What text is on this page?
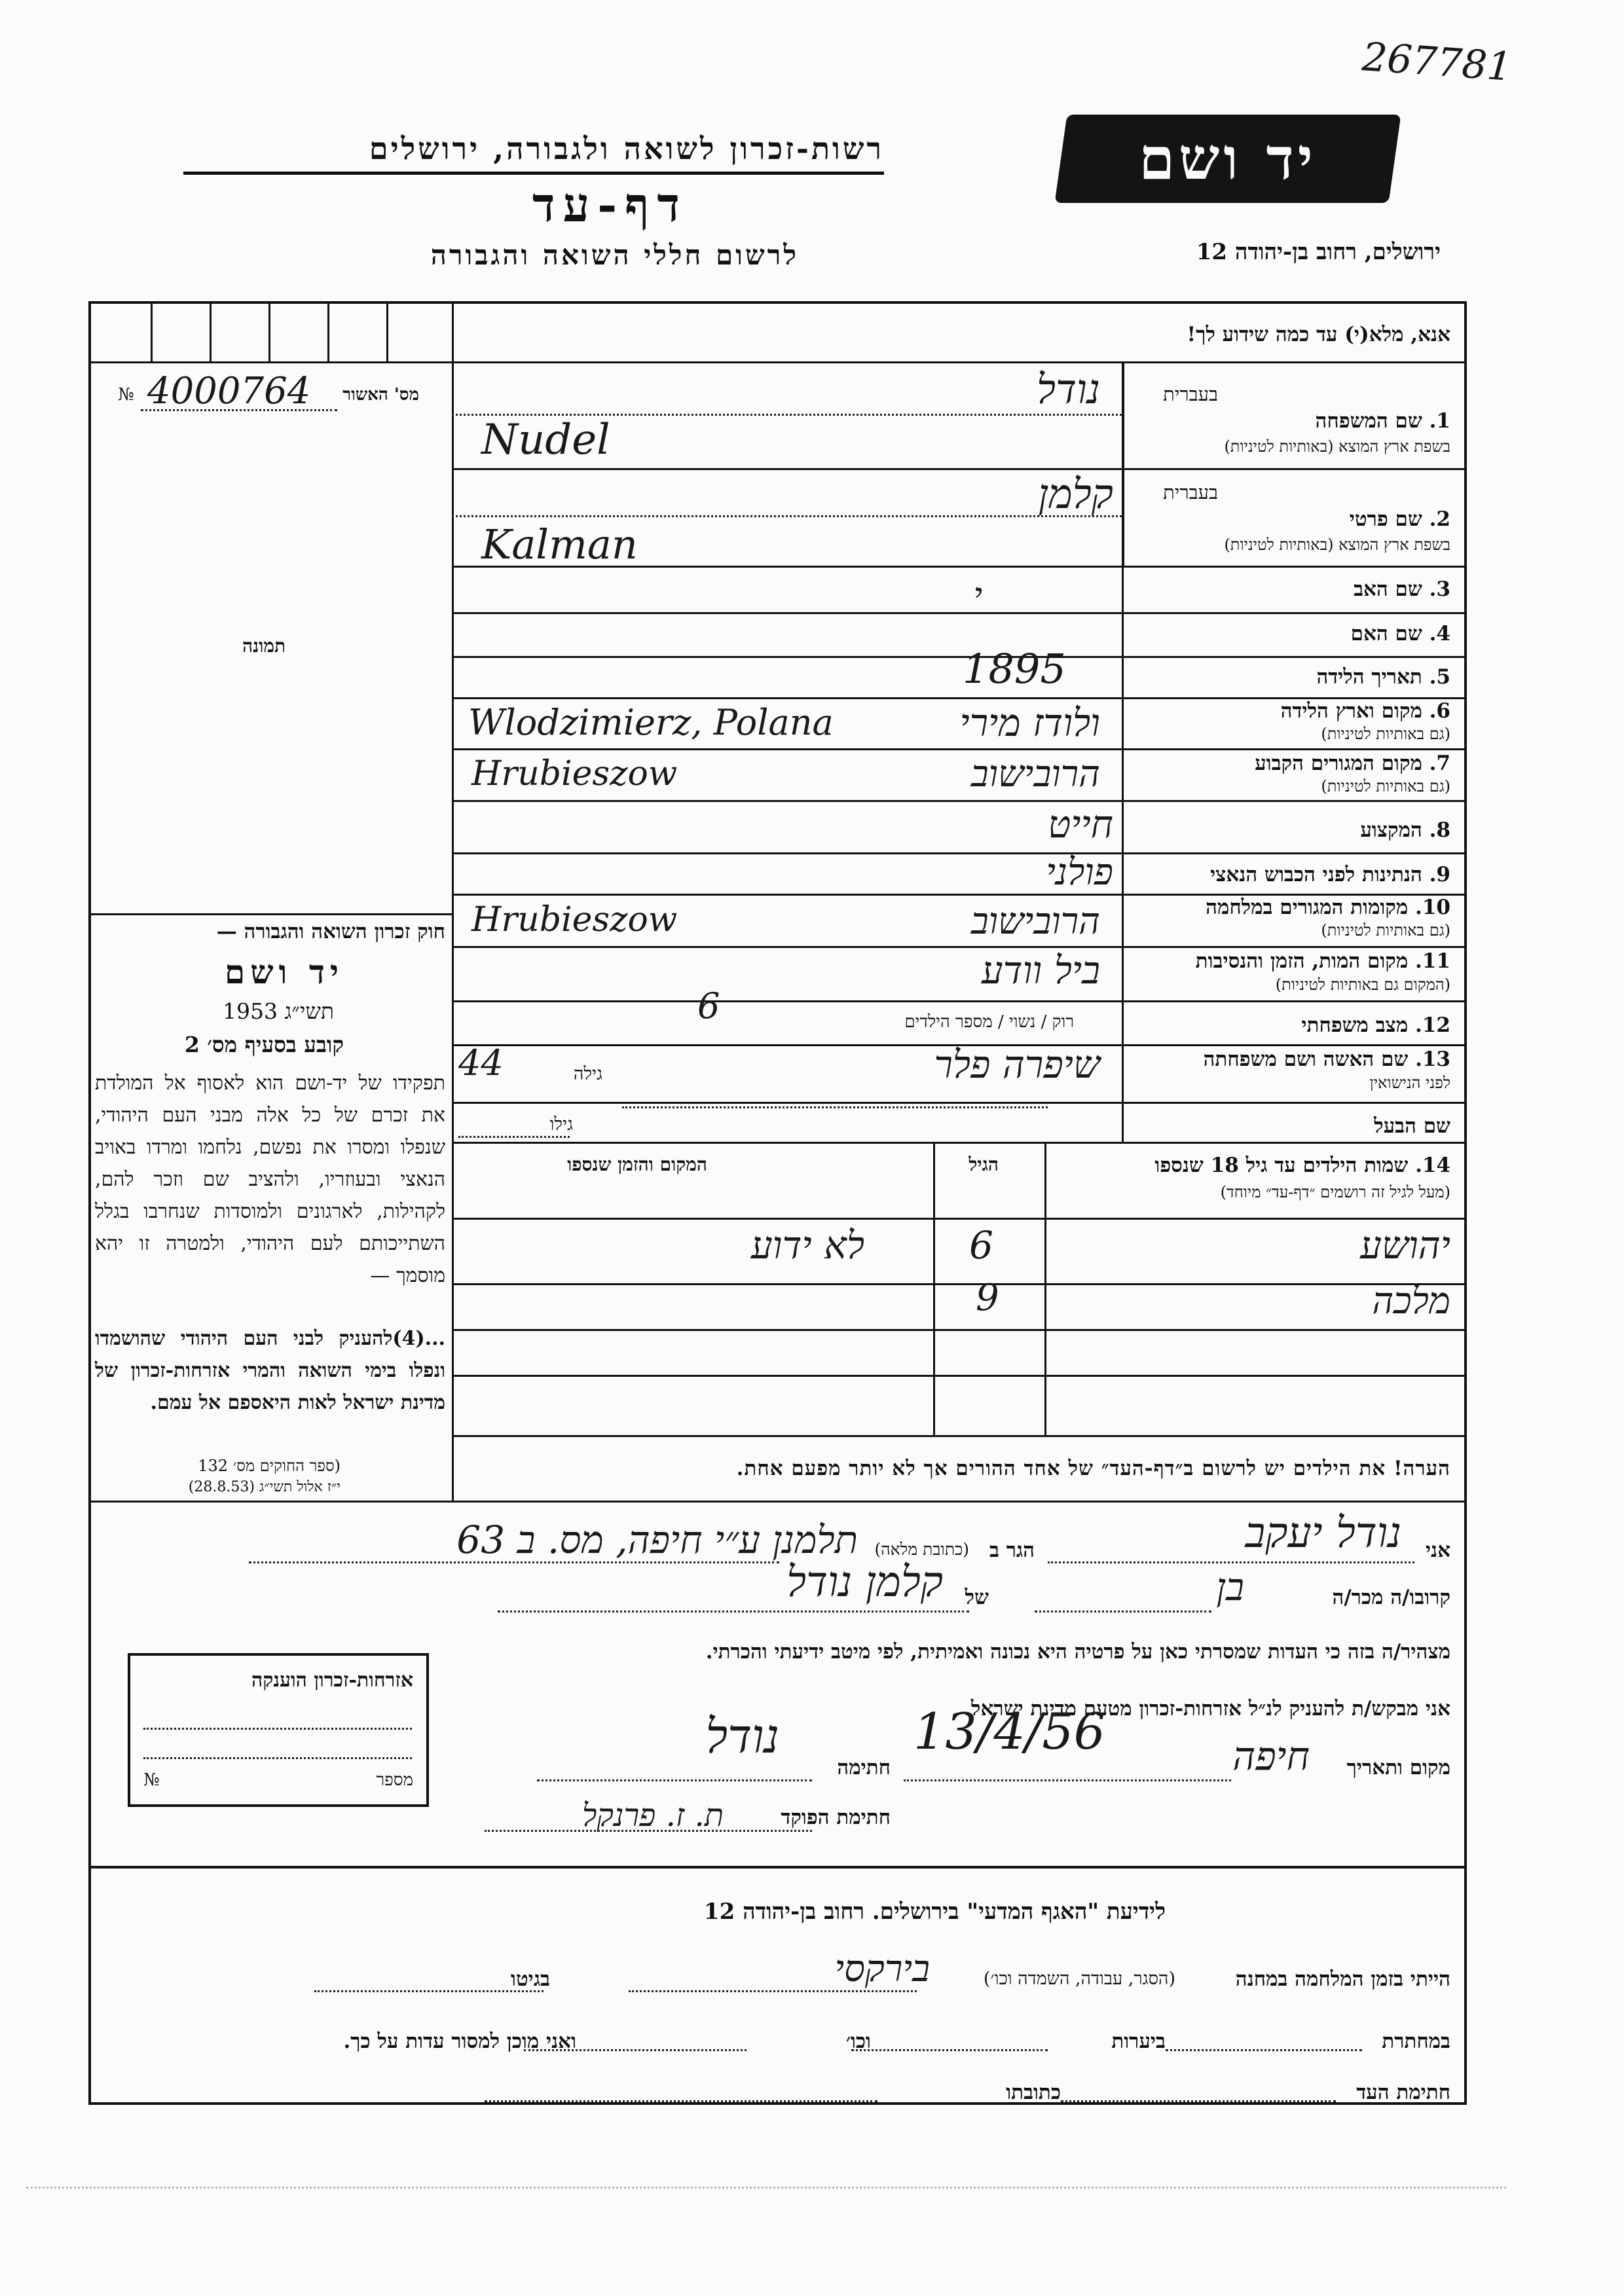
267781
רשות-זכרון לשואה ולגבורה, ירושלים
דף-עד
לרשום חללי השואה והגבורה
יד ושם
ירושלים, רחוב בן-יהודה 12
מס' האשור
№ 4000764
תמונה
חוק זכרון השואה והגבורה —
יד ושם
תשי״ג 1953
קובע בסעיף מס׳ 2
תפקידו של יד-ושם הוא לאסוף אל המולדת את זכרם של כל אלה מבני העם היהודי, שנפלו ומסרו את נפשם, נלחמו ומרדו באויב הנאצי ובעוזריו, ולהציב שם וזכר להם, לקהילות, לארגונים ולמוסדות שנחרבו בגלל השתייכותם לעם היהודי, ולמטרה זו יהא מוסמך —
...(4)להעניק לבני העם היהודי שהושמדו ונפלו בימי השואה והמרי אזרחות-זכרון של מדינת ישראל לאות היאספם אל עמם.
(ספר החוקים מס׳ 132
י״ז אלול תשי״ג (28.8.53)
אנא, מלא(י) עד כמה שידוע לך!
בעברית
1. שם המשפחה
בשפת ארץ המוצא (באותיות לטיניות)
נודל
Nudel
בעברית
2. שם פרטי
בשפת ארץ המוצא (באותיות לטיניות)
קלמן
Kalman
3. שם האב
י
4. שם האם
5. תאריך הלידה
1895
6. מקום וארץ הלידה
(גם באותיות לטיניות)
ולודז מירי
Wlodzimierz, Polana
7. מקום המגורים הקבוע
(גם באותיות לטיניות)
הרובישוב
Hrubieszow
8. המקצוע
חייט
9. הנתינות לפני הכבוש הנאצי
פולני
10. מקומות המגורים במלחמה
(גם באותיות לטיניות)
הרובישוב
Hrubieszow
11. מקום המות, הזמן והנסיבות
(המקום גם באותיות לטיניות)
ביל וודע
12. מצב משפחתי
רוק / נשוי / מספר הילדים
6
13. שם האשה ושם משפחתה
לפני הנישואין
שיפרה פלר
גילה
44
שם הבעל
גילו
14. שמות הילדים עד גיל 18 שנספו
(מעל לגיל זה רושמים ״דף-עד״ מיוחד)
הגיל
המקום והזמן שנספו
יהושע
6
לא ידוע
מלכה
9
הערה! את הילדים יש לרשום ב״דף-העד״ של אחד ההורים אך לא יותר מפעם אחת.
אני
נודל יעקב
הגר ב
(כתובת מלאה)
תלמנן ע״י חיפה, מס. ב 63
קרובו/ה מכר/ה
בן
של
קלמן נודל
מצהיר/ה בזה כי העדות שמסרתי כאן על פרטיה היא נכונה ואמיתית, לפי מיטב ידיעתי והכרתי.
אני מבקש/ת להעניק לנ״ל אזרחות-זכרון מטעם מדינת ישראל.
מקום ותאריך
חיפה
13/4/56
חתימה
נודל
חתימת הפוקד
ת. ז. פרנקל
אזרחות-זכרון הוענקה
מספר
№
לידיעת "האגף המדעי" בירושלים. רחוב בן-יהודה 12
הייתי בזמן המלחמה במחנה
(הסגר, עבודה, השמדה וכו׳)
בירקסי
בגיטו
במחתרת
ביערות
וכו׳
ואני מוכן למסור עדות על כך.
חתימת העד
כתובתו
